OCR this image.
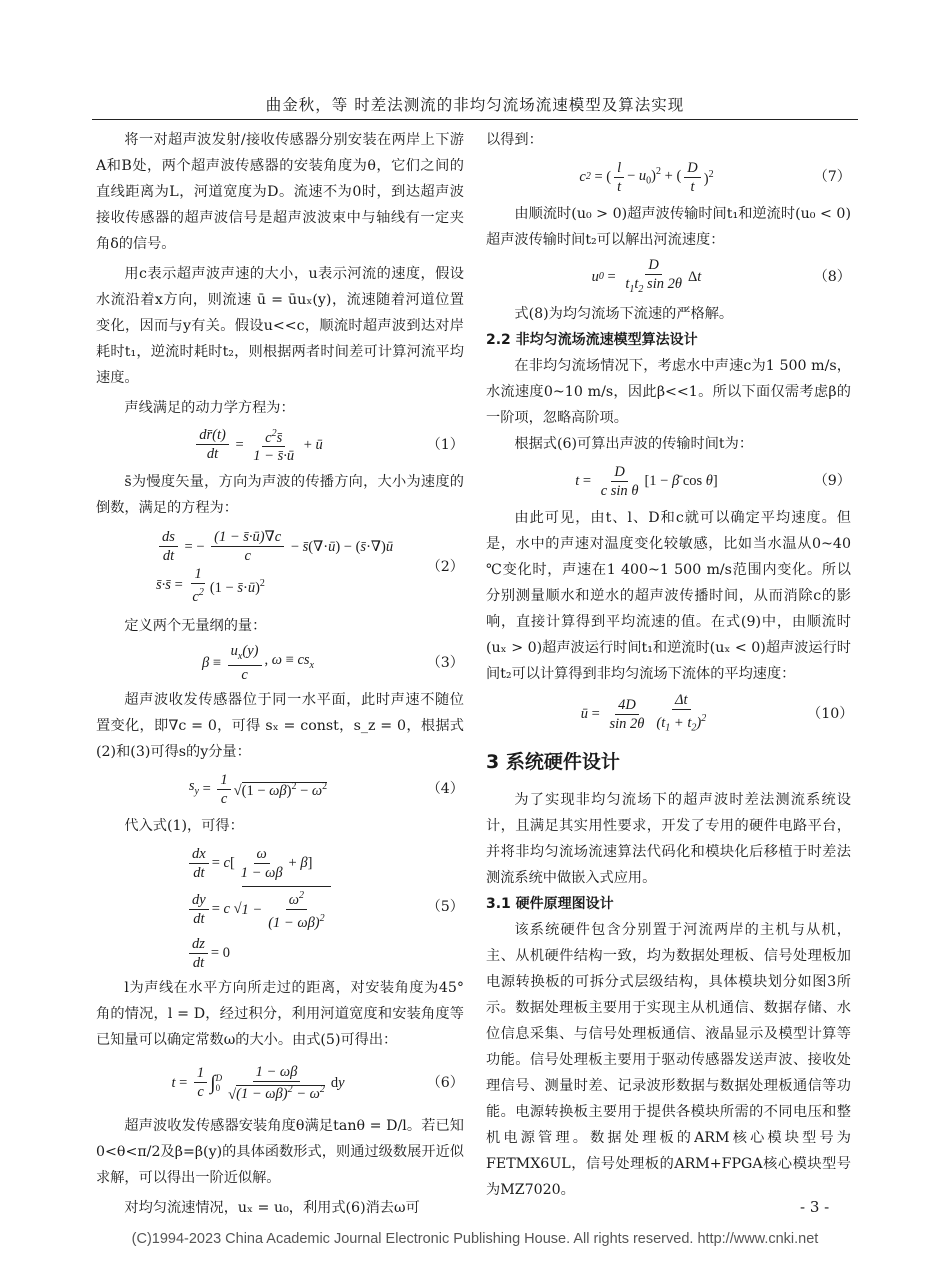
曲金秋，等 时差法测流的非均匀流场流速模型及算法实现

将一对超声波发射/接收传感器分别安装在两岸上下游A和B处，两个超声波传感器的安装角度为θ，它们之间的直线距离为L，河道宽度为D。流速不为0时，到达超声波接收传感器的超声波信号是超声波波束中与轴线有一定夹角δ的信号。

用c表示超声波声速的大小，u表示河流的速度，假设水流沿着x方向，则流速 ū = ūuₓ(y)，流速随着河道位置变化，因而与y有关。假设u<<c，顺流时超声波到达对岸耗时t₁，逆流时耗时t₂，则根据两者时间差可计算河流平均速度。

声线满足的动力学方程为：

$\frac{dr̄(t)}{dt} = \frac{c^2s̄}{1 - s̄\cdot ū}$ + ū	（1）

s̄为慢度矢量，方向为声波的传播方向，大小为速度的倒数，满足的方程为：

$\frac{ds}{dt}$ = − $\frac{(1 - s̄\cdot ū)\nabla c}{c}$ − s̄(∇·ū) − (s̄·∇)ū
s̄ · s̄ = $\frac{1}{c^2} (1$ − s̄·ū)$^2$
（2）

定义两个无量纲的量：

$\beta \equiv \frac{u_x(y)}{c}$ , $\omega \equiv cs_x$	（3）

超声波收发传感器位于同一水平面，此时声速不随位置变化，即∇c = 0，可得 sₓ = const，s_z = 0，根据式(2)和(3)可得s的y分量：

$s_y = \frac{1}{c} √(1 - \omega\beta)^2 - \omega^2$	（4）

代入式(1)，可得：

$\frac{dx}{dt} = c[ \frac{\omega}{1 - \omega\beta} + \beta]$
$\frac{dy}{dt} = c$ √ $1 - \frac{\omega^2}{(1 - \omega\beta)^2}$
$\frac{dz}{dt} = 0$
（5）

l为声线在水平方向所走过的距离，对安装角度为45°角的情况，l = D，经过积分，利用河道宽度和安装角度等已知量可以确定常数ω的大小。由式(5)可得出：

$t = \frac{1}{c}$ ∫ D
$0 \frac{1 - \omega\beta}{√(1 - \omega\beta)^2 - \omega^2}$ dy	（6）

超声波收发传感器安装角度θ满足tanθ = D/l。若已知0<θ<π/2及β=β(y)的具体函数形式，则通过级数展开近似求解，可以得出一阶近似解。

对均匀流速情况，uₓ = u₀，利用式(6)消去ω可

以得到：

c 2 = ( $\frac{l}{t} - u_0)^2$ + ( $\frac{D}{t} )^2$	（7）

由顺流时(u₀ > 0)超声波传输时间t₁和逆流时(u₀ < 0)超声波传输时间t₂可以解出河流速度：

u $0 = \frac{D}{t_1t_2 \sin 2\theta}$ Δt	（8）

式(8)为均匀流场下流速的严格解。

2.2 非均匀流场流速模型算法设计

在非均匀流场情况下，考虑水中声速c为1 500 m/s，水流速度0~10 m/s，因此β<<1。所以下面仅需考虑β的一阶项，忽略高阶项。

根据式(6)可算出声波的传输时间t为：

$t = \frac{D}{\text{c sin θ}} [1$ − β̄ cos θ]	（9）

由此可见，由t、l、D和c就可以确定平均速度。但是，水中的声速对温度变化较敏感，比如当水温从0~40 ℃变化时，声速在1 400~1 500 m/s范围内变化。所以分别测量顺水和逆水的超声波传播时间，从而消除c的影响，直接计算得到平均流速的值。在式(9)中，由顺流时(uₓ > 0)超声波运行时间t₁和逆流时(uₓ < 0)超声波运行时间t₂可以计算得到非均匀流场下流体的平均速度：

ū = $\frac{4D}{\sin 2\theta} \frac{\Delta t}{(t_1 + t_2)^2}$	（10）

3 系统硬件设计

为了实现非均匀流场下的超声波时差法测流系统设计，且满足其实用性要求，开发了专用的硬件电路平台，并将非均匀流场流速算法代码化和模块化后移植于时差法测流系统中做嵌入式应用。

3.1 硬件原理图设计

该系统硬件包含分别置于河流两岸的主机与从机，主、从机硬件结构一致，均为数据处理板、信号处理板加电源转换板的可拆分式层级结构，具体模块划分如图3所示。数据处理板主要用于实现主从机通信、数据存储、水位信息采集、与信号处理板通信、液晶显示及模型计算等功能。信号处理板主要用于驱动传感器发送声波、接收处理信号、测量时差、记录波形数据与数据处理板通信等功能。电源转换板主要用于提供各模块所需的不同电压和整机电源管理。数据处理板的ARM核心模块型号为FETMX6UL，信号处理板的ARM+FPGA核心模块型号为MZ7020。

- 3 -
(C)1994-2023 China Academic Journal Electronic Publishing House. All rights reserved. http://www.cnki.net
